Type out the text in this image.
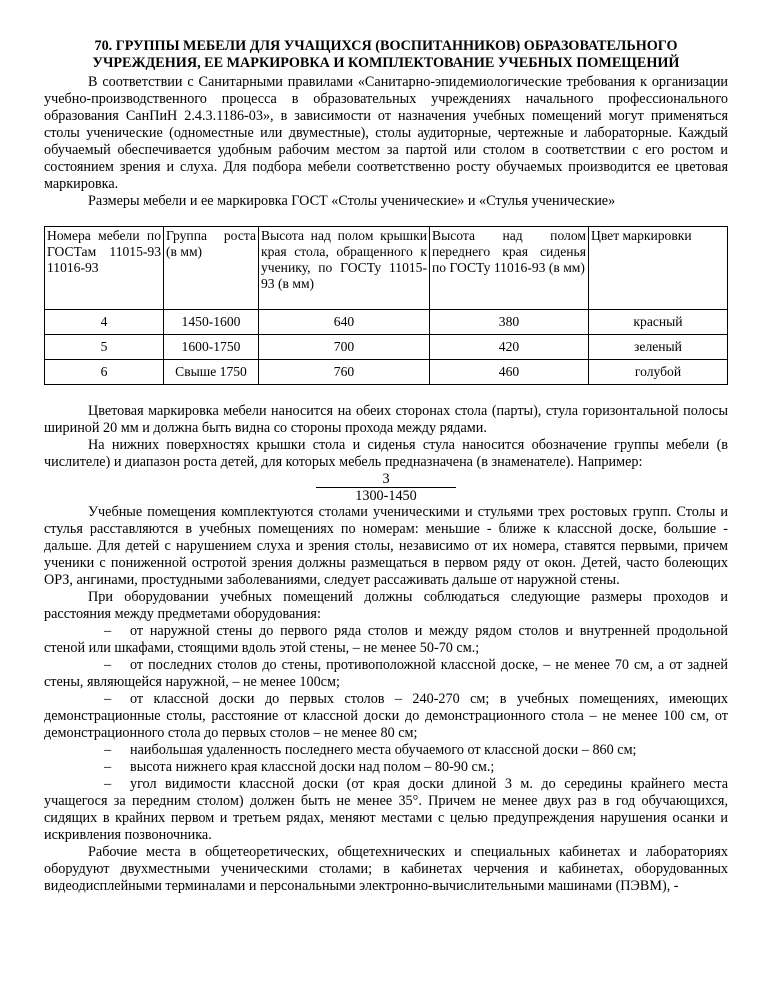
70. ГРУППЫ МЕБЕЛИ ДЛЯ УЧАЩИХСЯ (ВОСПИТАННИКОВ) ОБРАЗОВАТЕЛЬНОГО УЧРЕЖДЕНИЯ, ЕЕ МАРКИРОВКА И КОМПЛЕКТОВАНИЕ УЧЕБНЫХ ПОМЕЩЕНИЙ

В соответствии с Санитарными правилами «Санитарно-эпидемиологические требования к организации учебно-производственного процесса в образовательных учреждениях начального профессионального образования СанПиН 2.4.3.1186-03», в зависимости от назначения учебных помещений могут применяться столы ученические (одноместные или двуместные), столы аудиторные, чертежные и лабораторные. Каждый обучаемый обеспечивается удобным рабочим местом за партой или столом в соответствии с его ростом и состоянием зрения и слуха. Для подбора мебели соответственно росту обучаемых производится ее цветовая маркировка.

Размеры мебели и ее маркировка ГОСТ «Столы ученические» и «Стулья ученические»

Номера мебели по ГОСТам 11015-93 11016-93	Группа роста (в мм)	Высота над полом крышки края стола, обращенного к ученику, по ГОСТу 11015-93 (в мм)	Высота над полом переднего края сиденья по ГОСТу 11016-93 (в мм)	Цвет маркировки
4	1450-1600	640	380	красный
5	1600-1750	700	420	зеленый
6	Свыше 1750	760	460	голубой

Цветовая маркировка мебели наносится на обеих сторонах стола (парты), стула горизонтальной полосы шириной 20 мм и должна быть видна со стороны прохода между рядами.

На нижних поверхностях крышки стола и сиденья стула наносится обозначение группы мебели (в числителе) и диапазон роста детей, для которых мебель предназначена (в знаменателе). Например:

3
1300-1450

Учебные помещения комплектуются столами ученическими и стульями трех ростовых групп. Столы и стулья расставляются в учебных помещениях по номерам: меньшие - ближе к классной доске, большие - дальше. Для детей с нарушением слуха и зрения столы, независимо от их номера, ставятся первыми, причем ученики с пониженной остротой зрения должны размещаться в первом ряду от окон. Детей, часто болеющих ОРЗ, ангинами, простудными заболеваниями, следует рассаживать дальше от наружной стены.

При оборудовании учебных помещений должны соблюдаться следующие размеры проходов и расстояния между предметами оборудования:

– от наружной стены до первого ряда столов и между рядом столов и внутренней продольной стеной или шкафами, стоящими вдоль этой стены, – не менее 50-70 см.;

– от последних столов до стены, противоположной классной доске, – не менее 70 см, а от задней стены, являющейся наружной, – не менее 100см;

– от классной доски до первых столов – 240-270 см; в учебных помещениях, имеющих демонстрационные столы, расстояние от классной доски до демонстрационного стола – не менее 100 см, от демонстрационного стола до первых столов – не менее 80 см;

– наибольшая удаленность последнего места обучаемого от классной доски – 860 см;

– высота нижнего края классной доски над полом – 80-90 см.;

– угол видимости классной доски (от края доски длиной 3 м. до середины крайнего места учащегося за передним столом) должен быть не менее 35°. Причем не менее двух раз в год обучающихся, сидящих в крайних первом и третьем рядах, меняют местами с целью предупреждения нарушения осанки и искривления позвоночника.

Рабочие места в общетеоретических, общетехнических и специальных кабинетах и лабораториях оборудуют двухместными ученическими столами; в кабинетах черчения и кабинетах, оборудованных видеодисплейными терминалами и персональными электронно-вычислительными машинами (ПЭВМ), -
